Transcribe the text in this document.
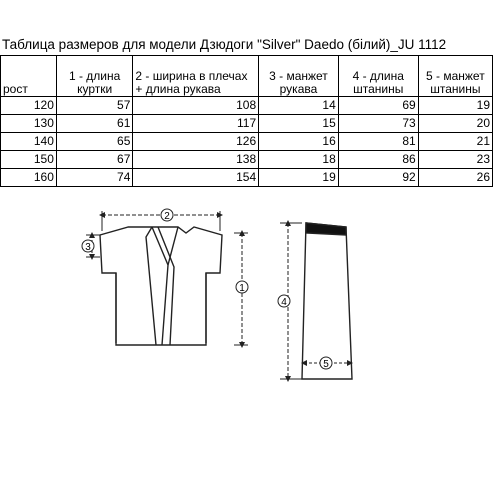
Таблица размеров для модели Дзюдоги "Silver" Daedo (білий)_JU 1112
рост	1 - длина куртки	2 - ширина в плечах + длина рукава	3 - манжет рукава	4 - длина штанины	5 - манжет штанины
120	57	108	14	69	19
130	61	117	15	73	20
140	65	126	16	81	21
150	67	138	18	86	23
160	74	154	19	92	26
2
3
1
4
5
